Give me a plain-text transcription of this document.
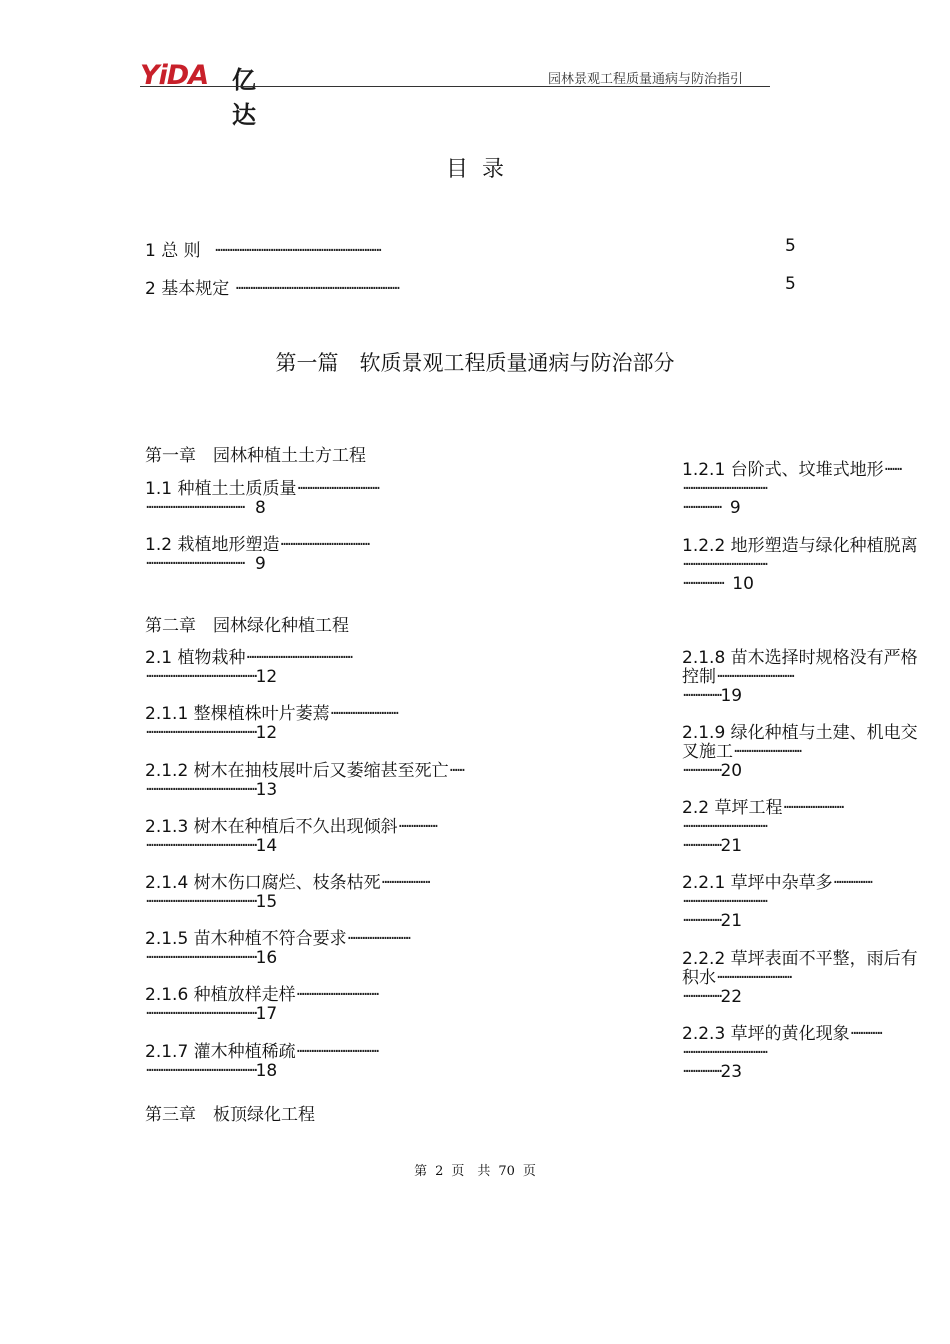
YiDA 亿达
园林景观工程质量通病与防治指引
目录
1 总 则 ·····································································	5
2 基本规定 ····································································	5
第一篇　软质景观工程质量通病与防治部分
第一章　园林种植土土方工程
第二章　园林绿化种植工程
第三章　板顶绿化工程
1.1 种植土土质质量··································
········································· 8
1.2 栽植地形塑造·····································
········································· 9
2.1 植物栽种············································
··············································12
2.1.1 整棵植株叶片萎蔫····························
··············································12
2.1.2 树木在抽枝展叶后又萎缩甚至死亡······
··············································13
2.1.3 树木在种植后不久出现倾斜················
··············································14
2.1.4 树木伤口腐烂、枝条枯死····················
··············································15
2.1.5 苗木种植不符合要求··························
··············································16
2.1.6 种植放样走样··································
··············································17
2.1.7 灌木种植稀疏··································
··············································18
1.2.1 台阶式、坟堆式地形·······
···································
················ 9
1.2.2 地形塑造与绿化种植脱离
···································
················· 10
2.1.8 苗木选择时规格没有严格
控制································
················19
2.1.9 绿化种植与土建、机电交
叉施工····························
················20
2.2 草坪工程·························
···································
················21
2.2.1 草坪中杂草多················
···································
················21
2.2.2 草坪表面不平整，雨后有
积水·······························
················22
2.2.3 草坪的黄化现象·············
···································
················23
第 2 页　共 70 页
